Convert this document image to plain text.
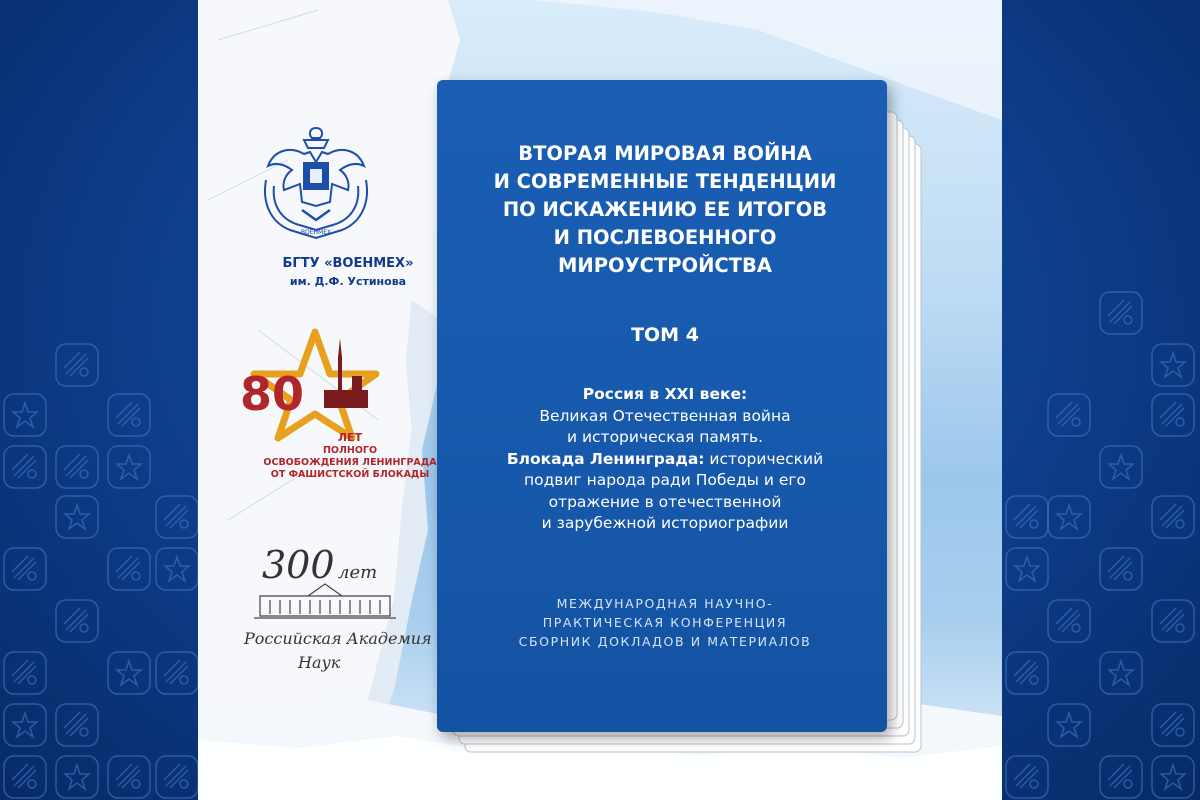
ВОЕНМЕХ
БГТУ «ВОЕНМЕХ»
им. Д.Ф. Устинова
80
ЛЕТ
ПОЛНОГО
ОСВОБОЖДЕНИЯ ЛЕНИНГРАДА
ОТ ФАШИСТСКОЙ БЛОКАДЫ
300 лет
Российская Академия
Наук
ВТОРАЯ МИРОВАЯ ВОЙНА
И СОВРЕМЕННЫЕ ТЕНДЕНЦИИ
ПО ИСКАЖЕНИЮ ЕЕ ИТОГОВ
И ПОСЛЕВОЕННОГО
МИРОУСТРОЙСТВА
ТОМ 4
Россия в XXI веке:
Великая Отечественная война
и историческая память.
Блокада Ленинграда: исторический
подвиг народа ради Победы и его
отражение в отечественной
и зарубежной историографии
МЕЖДУНАРОДНАЯ НАУЧНО-
ПРАКТИЧЕСКАЯ КОНФЕРЕНЦИЯ
СБОРНИК ДОКЛАДОВ И МАТЕРИАЛОВ
